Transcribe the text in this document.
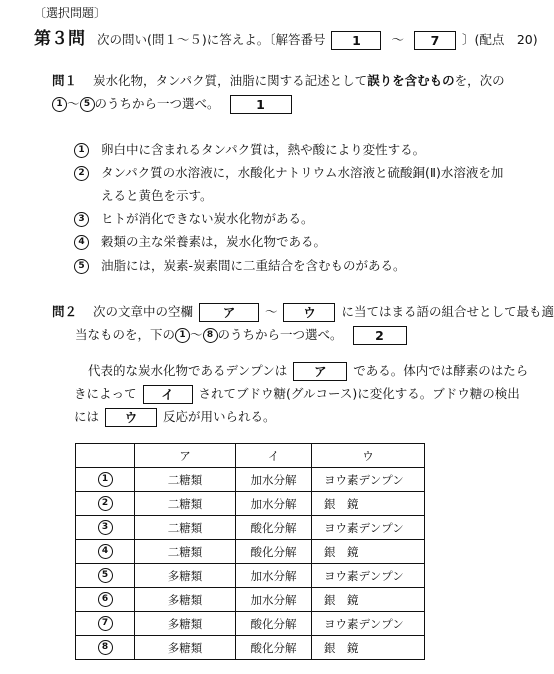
〔選択問題〕
第３問 次の問い(問１～５)に答えよ。〔解答番号 1 ～ 7 〕(配点　20)
問１ 炭水化物，タンパク質，油脂に関する記述として誤りを含むものを，次の
1 ～ 5 のうちから一つ選べ。	1
1 卵白中に含まれるタンパク質は，熱や酸により変性する。
2 タンパク質の水溶液に，水酸化ナトリウム水溶液と硫酸銅(Ⅱ)水溶液を加
えると黄色を示す。
3 ヒトが消化できない炭水化物がある。
4 穀類の主な栄養素は，炭水化物である。
5 油脂には，炭素-炭素間に二重結合を含むものがある。
問２ 次の文章中の空欄 ア ～ ウ に当てはまる語の組合せとして最も適
当なものを，下の 1 ～ 8 のうちから一つ選べ。	2
代表的な炭水化物であるデンプンは ア である。体内では酵素のはたら
きによって イ されてブドウ糖(グルコース)に変化する。ブドウ糖の検出
には ウ 反応が用いられる。
	ア	イ	ウ
1	二糖類	加水分解	ヨウ素デンプン
2	二糖類	加水分解	銀　鏡
3	二糖類	酸化分解	ヨウ素デンプン
4	二糖類	酸化分解	銀　鏡
5	多糖類	加水分解	ヨウ素デンプン
6	多糖類	加水分解	銀　鏡
7	多糖類	酸化分解	ヨウ素デンプン
8	多糖類	酸化分解	銀　鏡
